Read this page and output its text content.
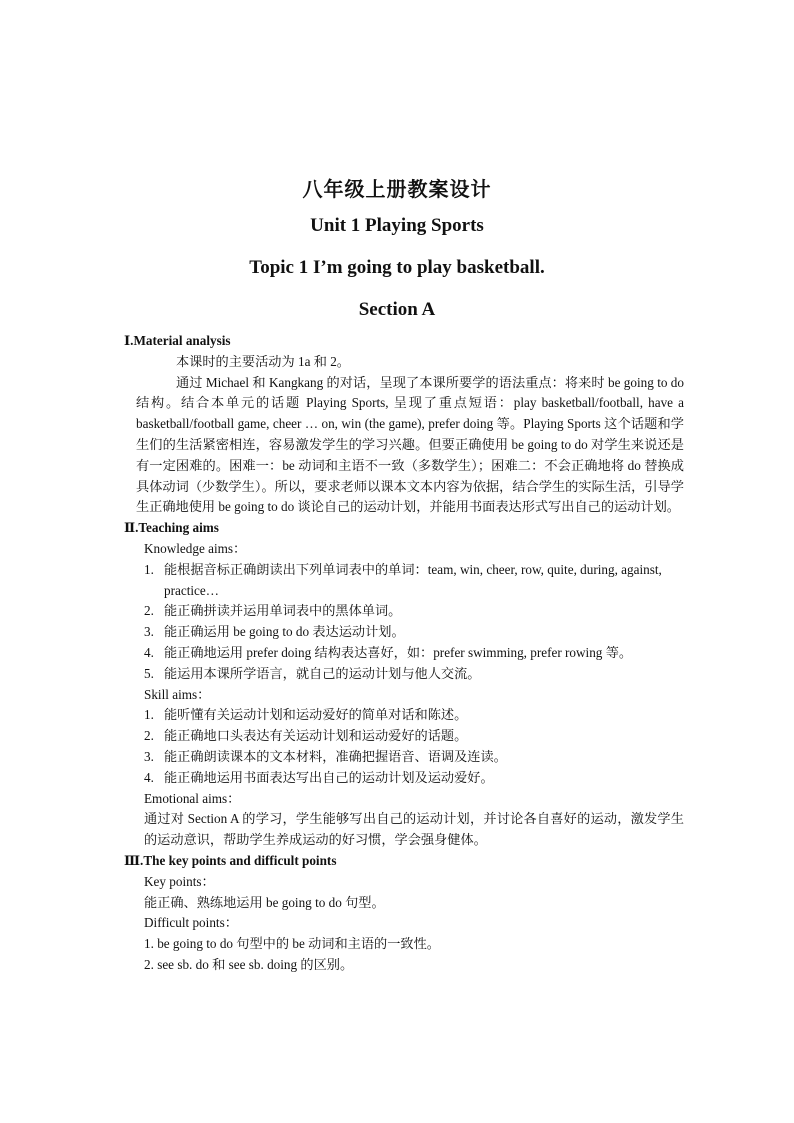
八年级上册教案设计
Unit 1 Playing Sports
Topic 1 I’m going to play basketball.
Section A
Ⅰ.Material analysis

本课时的主要活动为 1a 和 2。

通过 Michael 和 Kangkang 的对话，呈现了本课所要学的语法重点：将来时 be going to do 结构。结合本单元的话题 Playing Sports, 呈现了重点短语：play basketball/football, have a basketball/football game, cheer … on, win (the game), prefer doing 等。Playing Sports 这个话题和学生们的生活紧密相连，容易激发学生的学习兴趣。但要正确使用 be going to do 对学生来说还是有一定困难的。困难一：be 动词和主语不一致（多数学生）；困难二：不会正确地将 do 替换成具体动词（少数学生）。所以，要求老师以课本文本内容为依据，结合学生的实际生活，引导学生正确地使用 be going to do 谈论自己的运动计划，并能用书面表达形式写出自己的运动计划。

Ⅱ.Teaching aims
Knowledge aims：
1. 能根据音标正确朗读出下列单词表中的单词：team, win, cheer, row, quite, during, against, practice…
2. 能正确拼读并运用单词表中的黑体单词。
3. 能正确运用 be going to do 表达运动计划。
4. 能正确地运用 prefer doing 结构表达喜好，如：prefer swimming, prefer rowing 等。
5. 能运用本课所学语言，就自己的运动计划与他人交流。
Skill aims：
1. 能听懂有关运动计划和运动爱好的简单对话和陈述。
2. 能正确地口头表达有关运动计划和运动爱好的话题。
3. 能正确朗读课本的文本材料，准确把握语音、语调及连读。
4. 能正确地运用书面表达写出自己的运动计划及运动爱好。
Emotional aims：

通过对 Section A 的学习，学生能够写出自己的运动计划，并讨论各自喜好的运动，激发学生的运动意识，帮助学生养成运动的好习惯，学会强身健体。

Ⅲ.The key points and difficult points
Key points：
能正确、熟练地运用 be going to do 句型。
Difficult points：
1. be going to do 句型中的 be 动词和主语的一致性。
2. see sb. do 和 see sb. doing 的区别。
